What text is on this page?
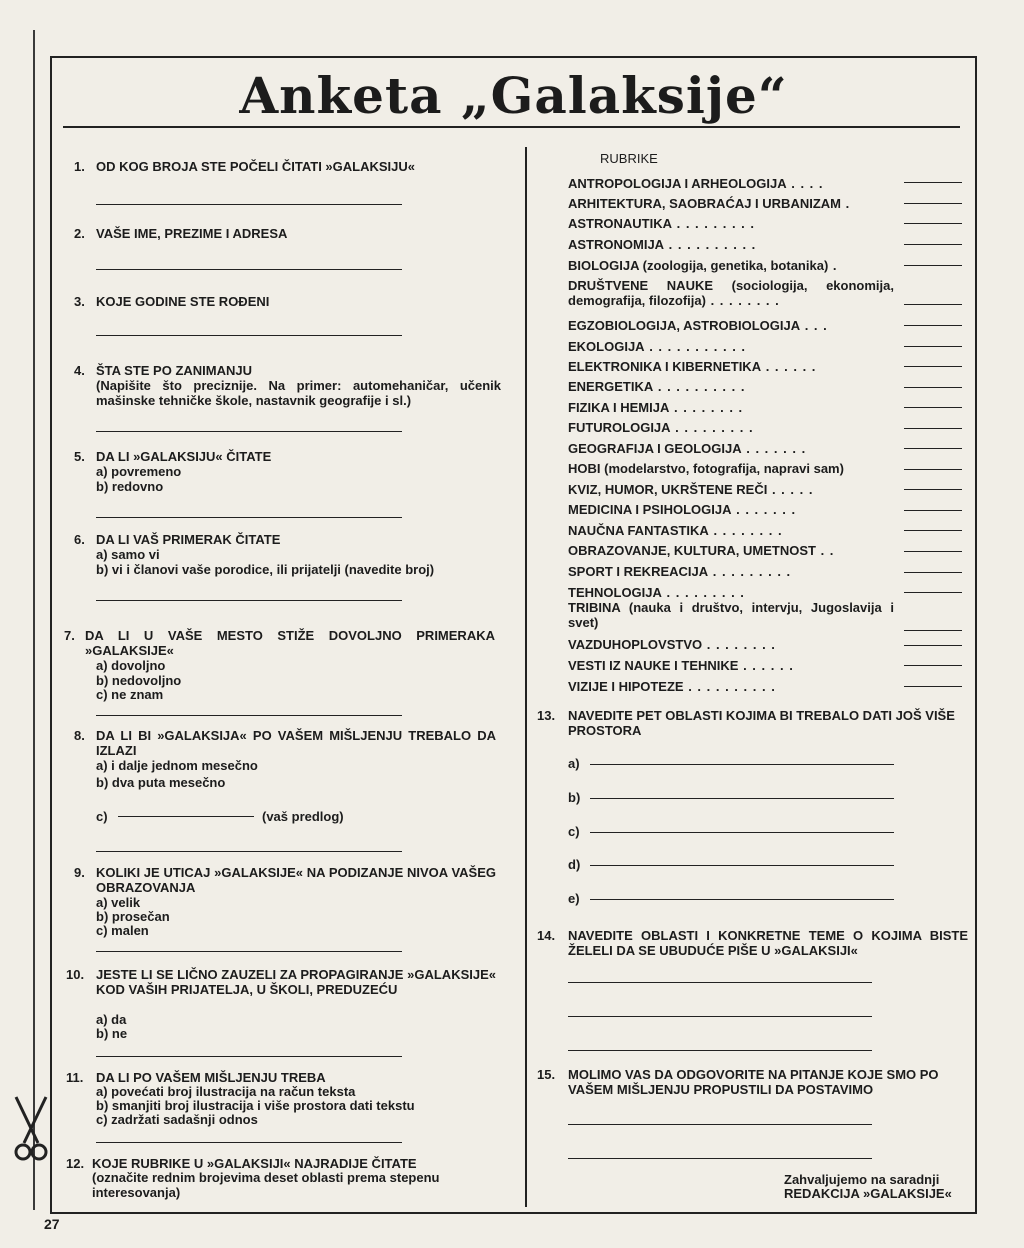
Anketa „Galaksije“
1. OD KOG BROJA STE POČELI ČITATI »GALAKSIJU«
2. VAŠE IME, PREZIME I ADRESA
3. KOJE GODINE STE ROĐENI
4. ŠTA STE PO ZANIMANJU
(Napišite što preciznije. Na primer: automehaničar, učenik mašinske tehničke škole, nastavnik geografije i sl.)
5. DA LI »GALAKSIJU« ČITATE
a) povremeno
b) redovno
6. DA LI VAŠ PRIMERAK ČITATE
a) samo vi
b) vi i članovi vaše porodice, ili prijatelji (navedite broj)
7. DA LI U VAŠE MESTO STIŽE DOVOLJNO PRIMERAKA »GALAKSIJE«
a) dovoljno
b) nedovoljno
c) ne znam
8. DA LI BI »GALAKSIJA« PO VAŠEM MIŠLJENJU TREBALO DA IZLAZI
a) i dalje jednom mesečno
b) dva puta mesečno
c)	(vaš predlog)
9. KOLIKI JE UTICAJ »GALAKSIJE« NA PODIZANJE NIVOA VAŠEG OBRAZOVANJA
a) velik
b) prosečan
c) malen
10. JESTE LI SE LIČNO ZAUZELI ZA PROPAGIRANJE »GALAKSIJE« KOD VAŠIH PRIJATELJA, U ŠKOLI, PREDUZEĆU
a) da
b) ne
11. DA LI PO VAŠEM MIŠLJENJU TREBA
a) povećati broj ilustracija na račun teksta
b) smanjiti broj ilustracija i više prostora dati tekstu
c) zadržati sadašnji odnos
12. KOJE RUBRIKE U »GALAKSIJI« NAJRADIJE ČITATE
(označite rednim brojevima deset oblasti prema stepenu interesovanja)
RUBRIKE
ANTROPOLOGIJA I ARHEOLOGIJA . . . .
ARHITEKTURA, SAOBRAĆAJ I URBANIZAM .
ASTRONAUTIKA . . . . . . . . .
ASTRONOMIJA . . . . . . . . . .
BIOLOGIJA (zoologija, genetika, botanika) .
DRUŠTVENE NAUKE (sociologija, ekonomija, demografija, filozofija) . . . . . . . .
EGZOBIOLOGIJA, ASTROBIOLOGIJA . . .
EKOLOGIJA . . . . . . . . . . .
ELEKTRONIKA I KIBERNETIKA . . . . . .
ENERGETIKA . . . . . . . . . .
FIZIKA I HEMIJA . . . . . . . .
FUTUROLOGIJA . . . . . . . . .
GEOGRAFIJA I GEOLOGIJA . . . . . . .
HOBI (modelarstvo, fotografija, napravi sam)
KVIZ, HUMOR, UKRŠTENE REČI . . . . .
MEDICINA I PSIHOLOGIJA . . . . . . .
NAUČNA FANTASTIKA . . . . . . . .
OBRAZOVANJE, KULTURA, UMETNOST . .
SPORT I REKREACIJA . . . . . . . . .
TEHNOLOGIJA . . . . . . . . .
TRIBINA (nauka i društvo, intervju, Jugoslavija i svet)
VAZDUHOPLOVSTVO . . . . . . . .
VESTI IZ NAUKE I TEHNIKE . . . . . .
VIZIJE I HIPOTEZE . . . . . . . . . .
13. NAVEDITE PET OBLASTI KOJIMA BI TREBALO DATI JOŠ VIŠE PROSTORA
a)
b)
c)
d)
e)
14. NAVEDITE OBLASTI I KONKRETNE TEME O KOJIMA BISTE ŽELELI DA SE UBUDUĆE PIŠE U »GALAKSIJI«
15. MOLIMO VAS DA ODGOVORITE NA PITANJE KOJE SMO PO VAŠEM MIŠLJENJU PROPUSTILI DA POSTAVIMO
Zahvaljujemo na saradnji
REDAKCIJA »GALAKSIJE«
27
